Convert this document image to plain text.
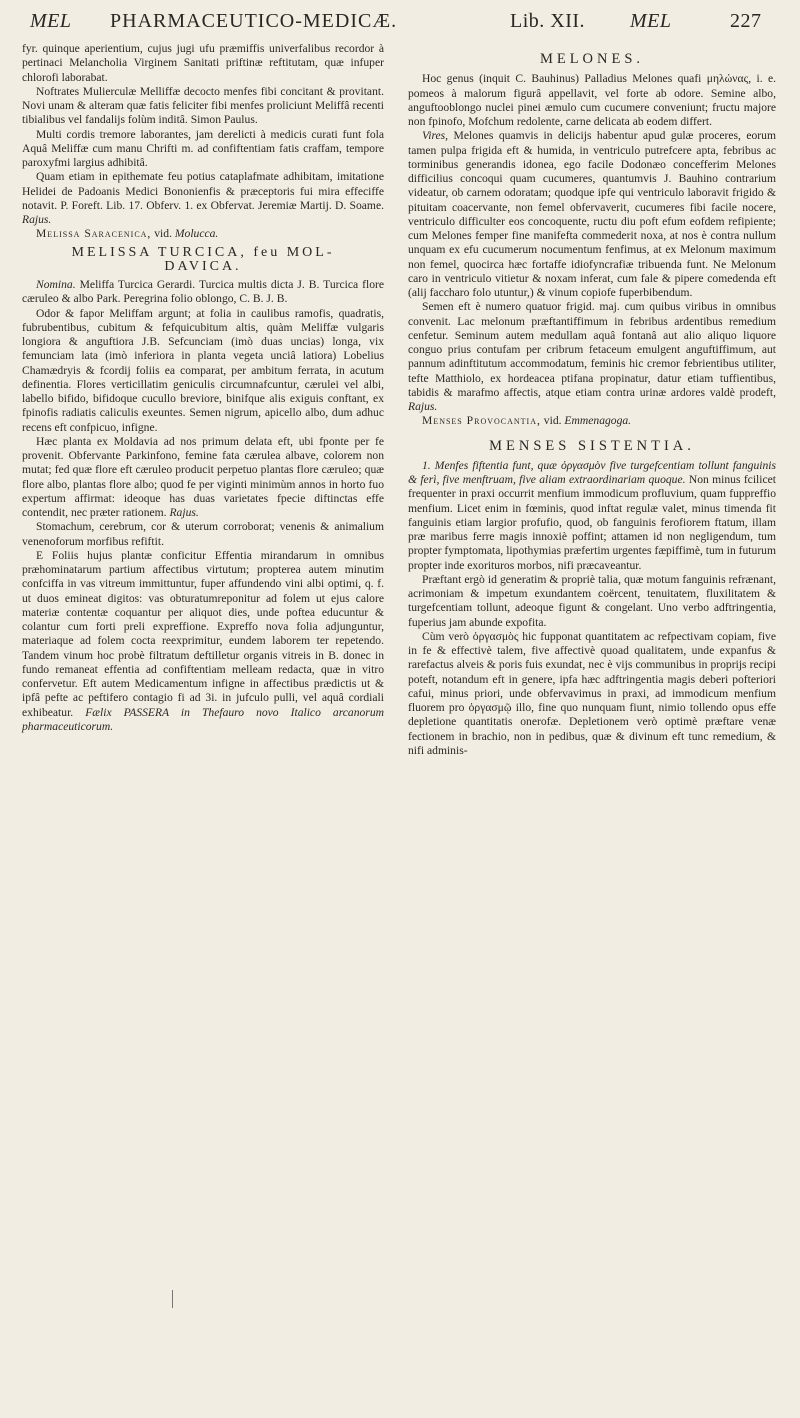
MEL PHARMACEUTICO-MEDICÆ.	Lib. XII. MEL	227

fyr. quinque aperientium, cujus jugi ufu præmiffis univerfalibus recordor à pertinaci Melancholia Virginem Sanitati priftinæ reftitutam, quæ infuper chlorofi laborabat.

Noftrates Mulierculæ Melliffæ decocto menfes fibi concitant & provitant. Novi unam & alteram quæ fatis feliciter fibi menfes proliciunt Meliffâ recenti tibialibus vel fandalijs folùm inditâ. Simon Paulus.

Multi cordis tremore laborantes, jam derelicti à medicis curati funt fola Aquâ Meliffæ cum manu Chrifti m. ad confiftentiam fatis craffam, tempore paroxyfmi largius adhibitâ.

Quam etiam in epithemate feu potius cataplafmate adhibitam, imitatione Helidei de Padoanis Medici Bononienfis & præceptoris fui mira effeciffe notavit. P. Foreft. Lib. 17. Obferv. 1. ex Obfervat. Jeremiæ Martij. D. Soame. Rajus.

Melissa Saracenica, vid. Molucca.

MELISSA TURCICA, feu MOL-
DAVICA.

Nomina. Meliffa Turcica Gerardi. Turcica multis dicta J. B. Turcica flore cæruleo & albo Park. Peregrina folio oblongo, C. B. J. B.

Odor & fapor Meliffam argunt; at folia in caulibus ramofis, quadratis, fubrubentibus, cubitum & fefquicubitum altis, quàm Meliffæ vulgaris longiora & anguftiora J.B. Sefcunciam (imò duas uncias) longa, vix femunciam lata (imò inferiora in planta vegeta unciâ latiora) Lobelius Chamædryis & fcordij foliis ea comparat, per ambitum ferrata, in acutum definentia. Flores verticillatim geniculis circumnafcuntur, cærulei vel albi, labello bifido, bifidoque cucullo breviore, binifque alis exiguis conftant, ex fpinofis radiatis caliculis exeuntes. Semen nigrum, apicello albo, dum adhuc recens eft confpicuo, infigne.

Hæc planta ex Moldavia ad nos primum delata eft, ubi fponte per fe provenit. Obfervante Parkinfono, femine fata cærulea albave, colorem non mutat; fed quæ flore eft cæruleo producit perpetuo plantas flore cæruleo; quæ flore albo, plantas flore albo; quod fe per viginti minimùm annos in horto fuo expertum affirmat: ideoque has duas varietates fpecie diftinctas effe contendit, nec præter rationem. Rajus.

Stomachum, cerebrum, cor & uterum corroborat; venenis & animalium venenoforum morfibus refiftit.

E Foliis hujus plantæ conficitur Effentia mirandarum in omnibus præhominatarum partium affectibus virtutum; propterea autem minutim confciffa in vas vitreum immittuntur, fuper affundendo vini albi optimi, q. f. ut duos emineat digitos: vas obturatumreponitur ad folem ut ejus calore materiæ contentæ coquantur per aliquot dies, unde poftea educuntur & colantur cum forti preli expreffione. Expreffo nova folia adjunguntur, materiaque ad folem cocta reexprimitur, eundem laborem ter repetendo. Tandem vinum hoc probè filtratum deftilletur organis vitreis in B. donec in fundo remaneat effentia ad confiftentiam melleam redacta, quæ in vitro confervetur. Eft autem Medicamentum infigne in affectibus prædictis ut & ipfâ pefte ac peftifero contagio fi ad 3i. in jufculo pulli, vel aquâ cordiali exhibeatur. Fælix PASSERA in Thefauro novo Italico arcanorum pharmaceuticorum.

MELONES.

Hoc genus (inquit C. Bauhinus) Palladius Melones quafi μηλώνας, i. e. pomeos à malorum figurâ appellavit, vel forte ab odore. Semine albo, anguftooblongo nuclei pinei æmulo cum cucumere conveniunt; fructu majore non fpinofo, Mofchum redolente, carne delicata ab eodem differt.

Vires, Melones quamvis in delicijs habentur apud gulæ proceres, eorum tamen pulpa frigida eft & humida, in ventriculo putrefcere apta, febribus ac torminibus generandis idonea, ego facile Dodonæo concefferim Melones difficilius concoqui quam cucumeres, quantumvis J. Bauhino contrarium videatur, ob carnem odoratam; quodque ipfe qui ventriculo laboravit frigido & pituitam coacervante, non femel obfervaverit, cucumeres fibi facile nocere, ventriculo difficulter eos concoquente, ructu diu poft efum eofdem refipiente; cum Melones femper fine manifefta commederit noxa, at nos è contra nullum unquam ex efu cucumerum nocumentum fenfimus, at ex Melonum maximum non femel, quocirca hæc fortaffe idiofyncrafiæ tribuenda funt. Ne Melonum caro in ventriculo vitietur & noxam inferat, cum fale & pipere comedenda eft (alij faccharo folo utuntur,) & vinum copiofe fuperbibendum.

Semen eft è numero quatuor frigid. maj. cum quibus viribus in omnibus convenit. Lac melonum præftantiffimum in febribus ardentibus remedium cenfetur. Seminum autem medullam aquâ fontanâ aut alio aliquo liquore conguo prius contufam per cribrum fetaceum emulgent anguftiffimum, aut pannum adinftitutum accommodatum, feminis hic cremor febrientibus utiliter, tefte Matthiolo, ex hordeacea ptifana propinatur, datur etiam tuffientibus, tabidis & marafmo affectis, atque etiam contra urinæ ardores valdè prodeft, Rajus.

Menses Provocantia, vid. Emmenagoga.

MENSES SISTENTIA.

1. Menfes fiftentia funt, quæ ὀργασμὸν five turgefcentiam tollunt fanguinis & ferì, five menftruam, five aliam extraordinariam quoque. Non minus fcilicet frequenter in praxi occurrit menfium immodicum profluvium, quam fuppreffio menfium. Licet enim in fœminis, quod inftat regulæ valet, minus timenda fit fanguinis etiam largior profufio, quod, ob fanguinis ferofiorem ftatum, illam præ maribus ferre magis innoxiè poffint; attamen id non negligendum, tum propter fymptomata, lipothymias præfertim urgentes fæpiffimè, tum in futurum propter inde exorituros morbos, nifi præcaveantur.

Præftant ergò id generatim & propriè talia, quæ motum fanguinis refrænant, acrimoniam & impetum exundantem coërcent, tenuitatem, fluxilitatem & turgefcentiam tollunt, adeoque figunt & congelant. Uno verbo adftringentia, fuperius jam abunde expofita.

Cùm verò ὀργασμὸς hic fupponat quantitatem ac refpectivam copiam, five in fe & effectivè talem, five affectivè quoad qualitatem, unde expanfus & rarefactus alveis & poris fuis exundat, nec è vijs communibus in proprijs recipi poteft, notandum eft in genere, ipfa hæc adftringentia magis deberi pofteriori cafui, minus priori, unde obfervavimus in praxi, ad immodicum menfium fluorem pro ὀργασμῷ illo, fine quo nunquam fiunt, nimio tollendo opus effe depletione quantitatis onerofæ. Depletionem verò optimè præftare venæ fectionem in brachio, non in pedibus, quæ & divinum eft tunc remedium, & nifi adminis-
